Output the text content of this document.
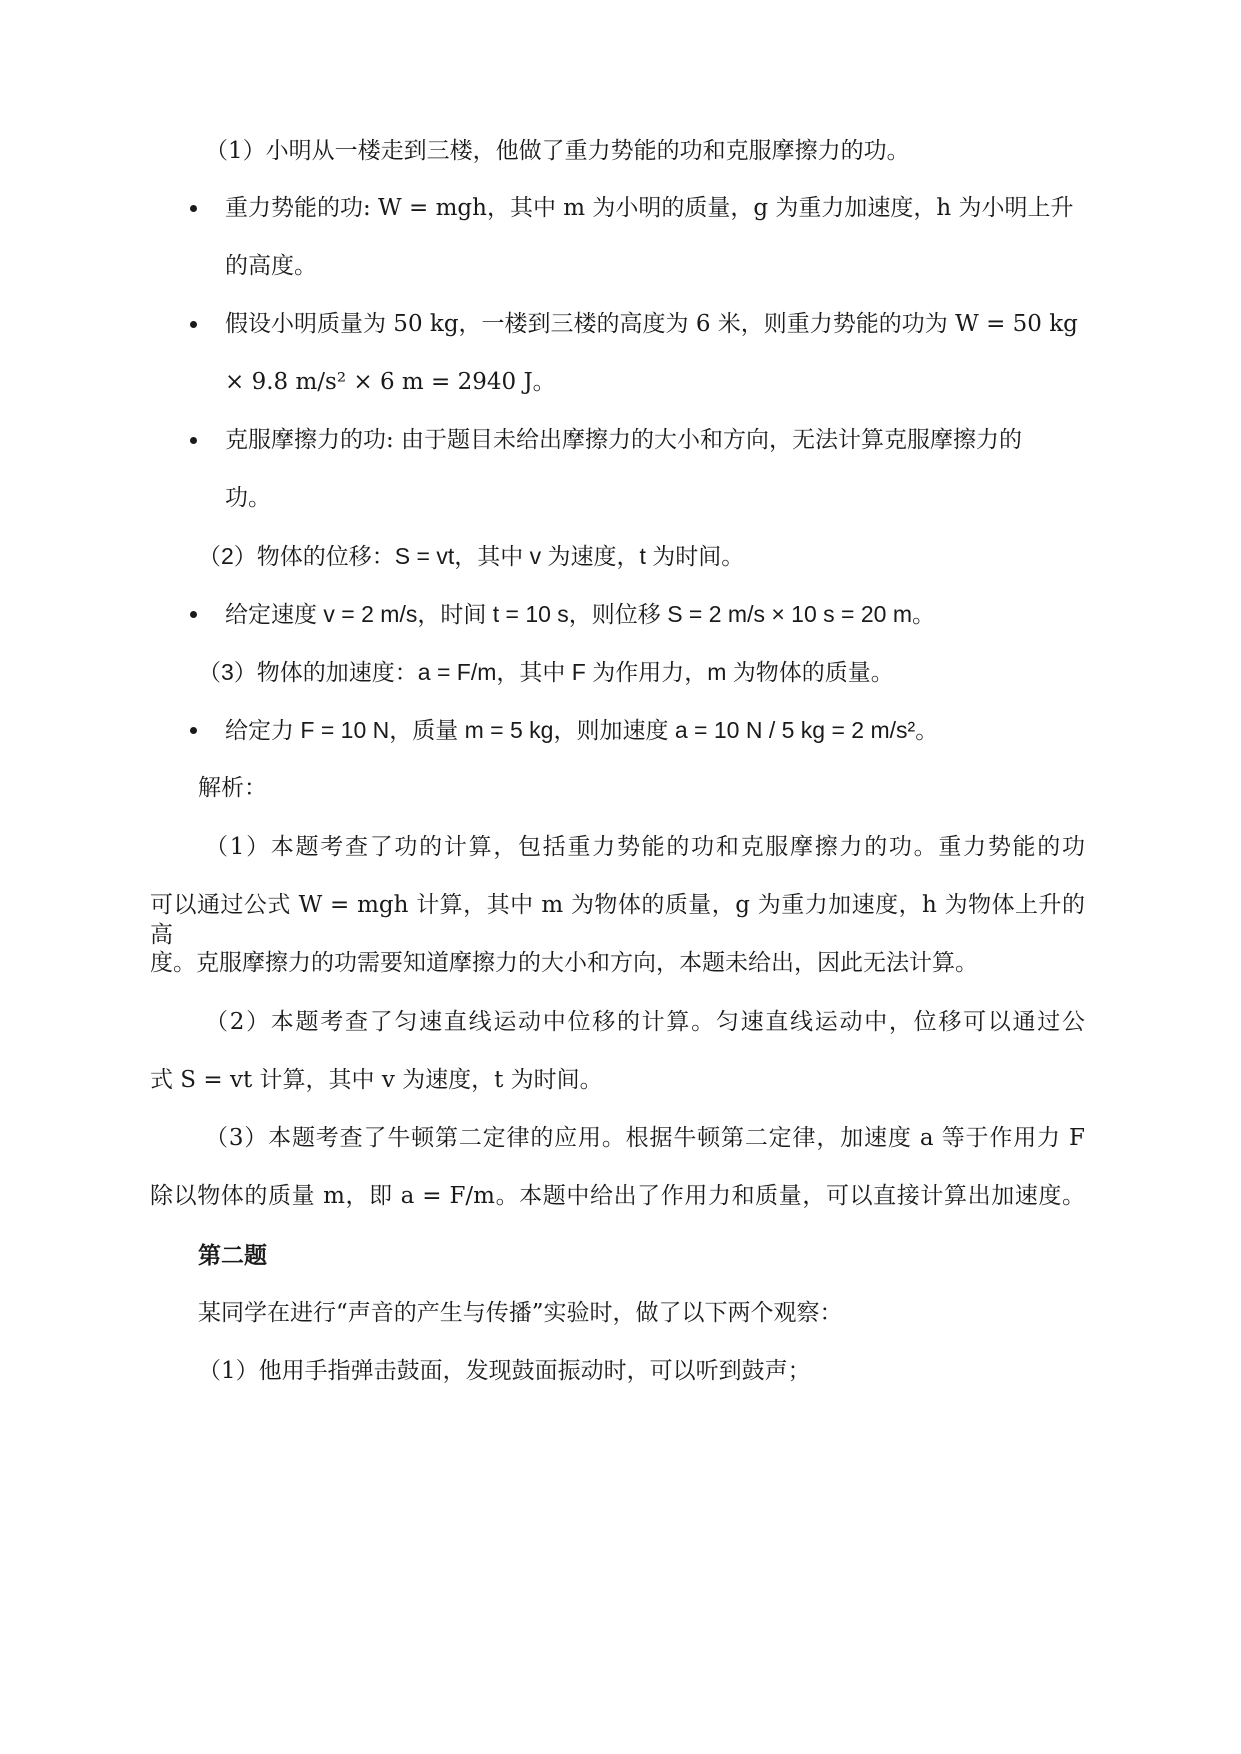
（1）小明从一楼走到三楼，他做了重力势能的功和克服摩擦力的功。
重力势能的功: W = mgh，其中 m 为小明的质量，g 为重力加速度，h 为小明上升
的高度。
假设小明质量为 50 kg，一楼到三楼的高度为 6 米，则重力势能的功为 W = 50 kg
× 9.8 m/s² × 6 m = 2940 J。
克服摩擦力的功: 由于题目未给出摩擦力的大小和方向，无法计算克服摩擦力的
功。
（2）物体的位移：S = vt，其中 v 为速度，t 为时间。
给定速度 v = 2 m/s，时间 t = 10 s，则位移 S = 2 m/s × 10 s = 20 m。
（3）物体的加速度：a = F/m，其中 F 为作用力，m 为物体的质量。
给定力 F = 10 N，质量 m = 5 kg，则加速度 a = 10 N / 5 kg = 2 m/s²。
解析：
（1）本题考查了功的计算，包括重力势能的功和克服摩擦力的功。重力势能的功
可以通过公式 W = mgh 计算，其中 m 为物体的质量，g 为重力加速度，h 为物体上升的高
度。克服摩擦力的功需要知道摩擦力的大小和方向，本题未给出，因此无法计算。
（2）本题考查了匀速直线运动中位移的计算。匀速直线运动中，位移可以通过公
式 S = vt 计算，其中 v 为速度，t 为时间。
（3）本题考查了牛顿第二定律的应用。根据牛顿第二定律，加速度 a 等于作用力 F
除以物体的质量 m，即 a = F/m。本题中给出了作用力和质量，可以直接计算出加速度。
第二题
某同学在进行“声音的产生与传播”实验时，做了以下两个观察：
（1）他用手指弹击鼓面，发现鼓面振动时，可以听到鼓声；
